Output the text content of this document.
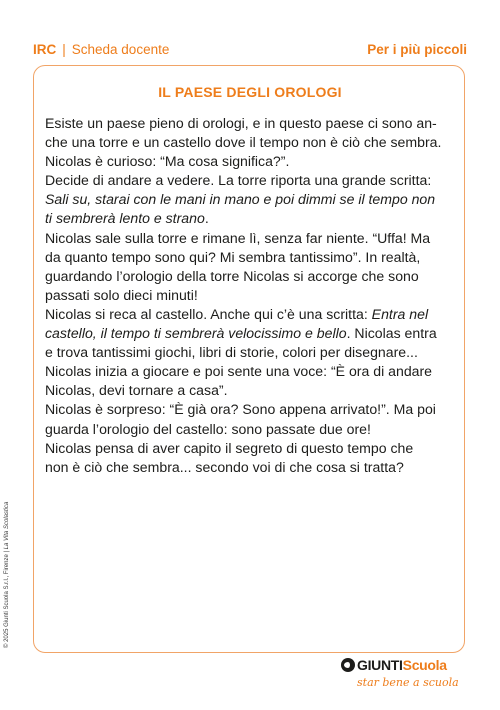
IRC | Scheda docente	Per i più piccoli
IL PAESE DEGLI OROLOGI
Esiste un paese pieno di orologi, e in questo paese ci sono an-
che una torre e un castello dove il tempo non è ciò che sembra.
Nicolas è curioso: “Ma cosa significa?”.
Decide di andare a vedere. La torre riporta una grande scritta:
Sali su, starai con le mani in mano e poi dimmi se il tempo non
ti sembrerà lento e strano.
Nicolas sale sulla torre e rimane lì, senza far niente. “Uffa! Ma
da quanto tempo sono qui? Mi sembra tantissimo”. In realtà,
guardando l’orologio della torre Nicolas si accorge che sono
passati solo dieci minuti!
Nicolas si reca al castello. Anche qui c’è una scritta: Entra nel
castello, il tempo ti sembrerà velocissimo e bello. Nicolas entra
e trova tantissimi giochi, libri di storie, colori per disegnare...
Nicolas inizia a giocare e poi sente una voce: “È ora di andare
Nicolas, devi tornare a casa”.
Nicolas è sorpreso: “È già ora? Sono appena arrivato!”. Ma poi
guarda l’orologio del castello: sono passate due ore!
Nicolas pensa di aver capito il segreto di questo tempo che
non è ciò che sembra... secondo voi di che cosa si tratta?
© 2025 Giunti Scuola S.r.l., Firenze | La Vita Scolastica
GIUNTI Scuola
star bene a scuola
